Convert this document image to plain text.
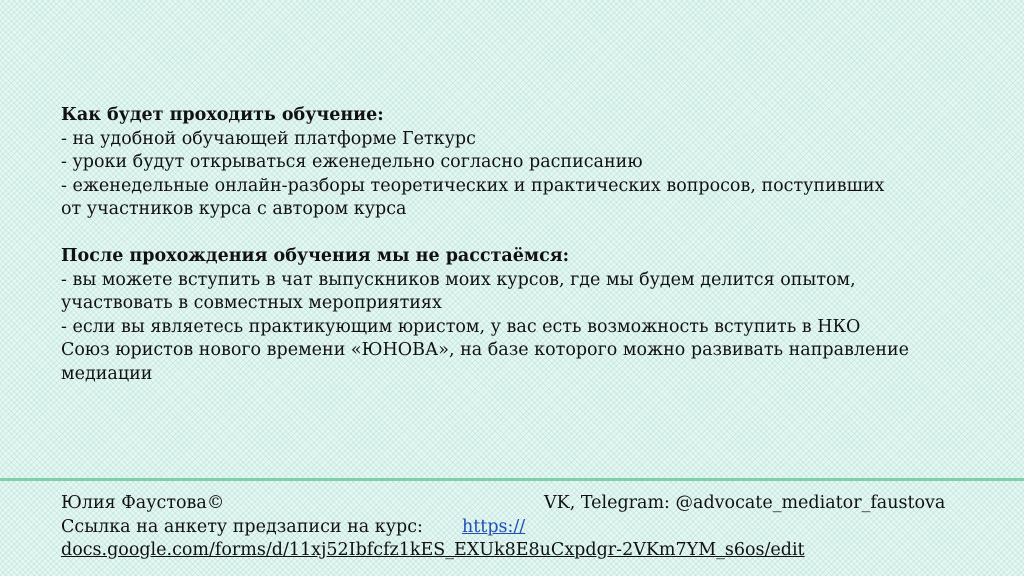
Как будет проходить обучение:

- на удобной обучающей платформе Геткурс

- уроки будут открываться еженедельно согласно расписанию

- еженедельные онлайн-разборы теоретических и практических вопросов, поступивших

от участников курса с автором курса

После прохождения обучения мы не расстаёмся:

- вы можете вступить в чат выпускников моих курсов, где мы будем делится опытом,

участвовать в совместных мероприятиях

- если вы являетесь практикующим юристом, у вас есть возможность вступить в НКО

Союз юристов нового времени «ЮНОВА», на базе которого можно развивать направление

медиации

Юлия Фаустова©	VK, Telegram: @advocate_mediator_faustova
Ссылка на анкету предзаписи на курс: https://
docs.google.com/forms/d/11xj52Ibfcfz1kES_EXUk8E8uCxpdgr-2VKm7YM_s6os/edit
